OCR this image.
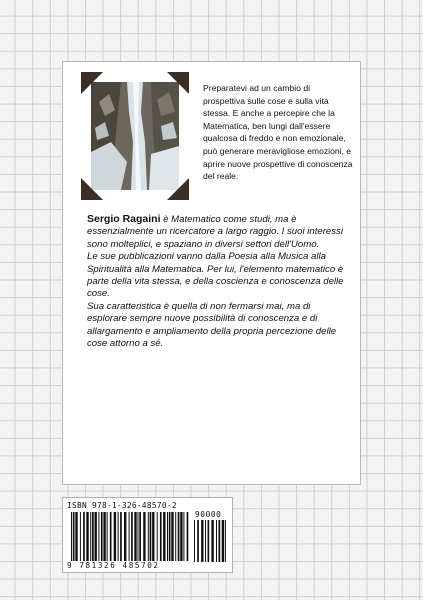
Preparatevi ad un cambio di prospettiva sulle cose e sulla vita stessa. E anche a percepire che la Matematica, ben lungi dall'essere qualcosa di freddo e non emozionale, può generare meravigliose emozioni, e aprire nuove prospettive di conoscenza del reale.

Sergio Ragaini è Matematico come studi, ma è essenzialmente un ricercatore a largo raggio. I suoi interessi sono molteplici, e spaziano in diversi settori dell'Uomo.

Le sue pubblicazioni vanno dalla Poesia alla Musica alla Spiritualità alla Matematica. Per lui, l'elemento matematico è parte della vita stessa, e della coscienza e conoscenza delle cose.

Sua caratteristica è quella di non fermarsi mai, ma di esplorare sempre nuove possibilità di conoscenza e di allargamento e ampliamento della propria percezione delle cose attorno a sé.

ISBN 978-1-326-48570-2
90000
9 781326 485702
